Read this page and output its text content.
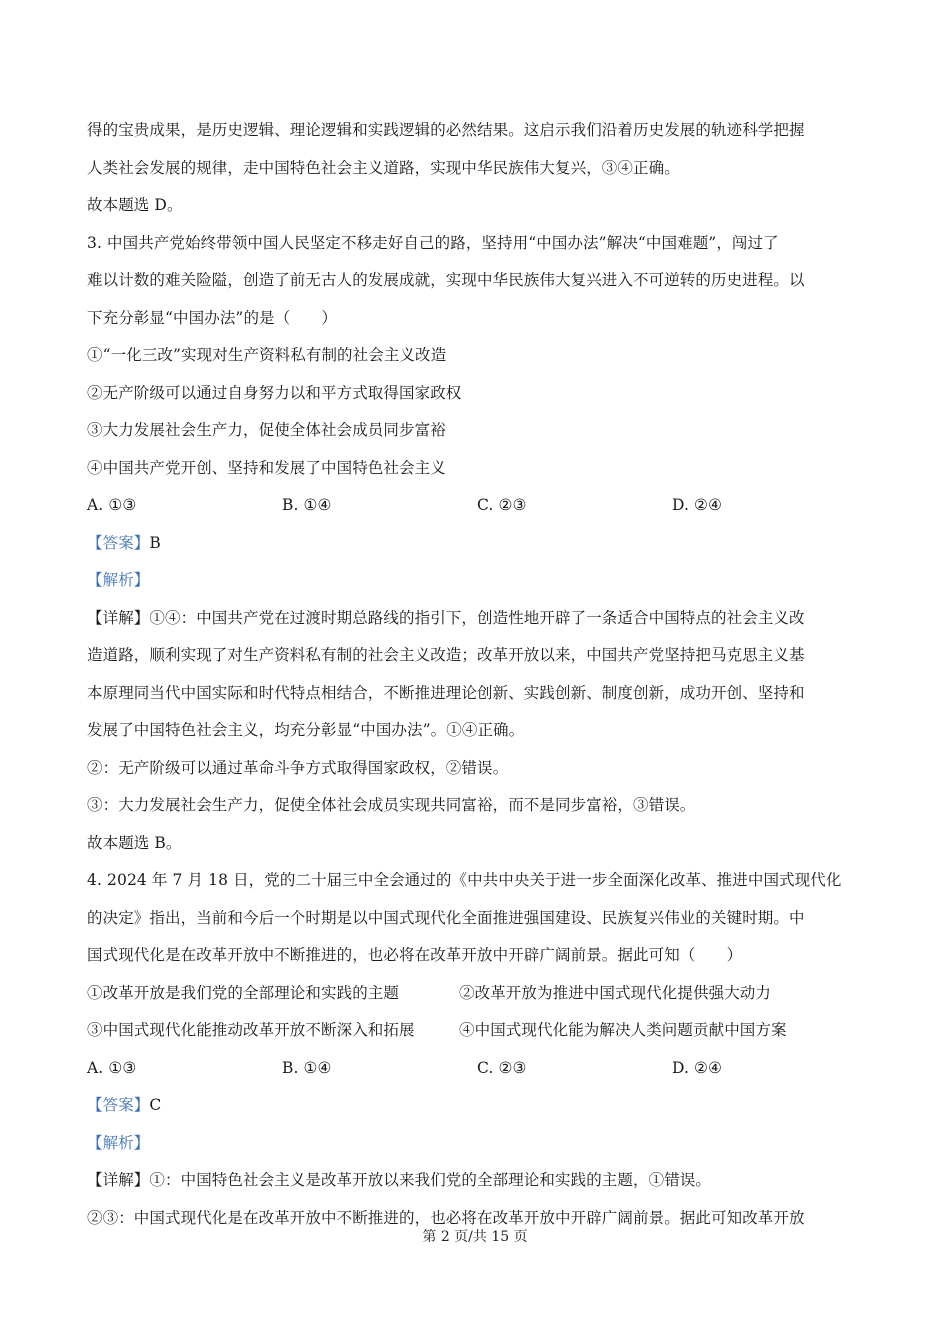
得的宝贵成果，是历史逻辑、理论逻辑和实践逻辑的必然结果。这启示我们沿着历史发展的轨迹科学把握
人类社会发展的规律，走中国特色社会主义道路，实现中华民族伟大复兴，③④正确。
故本题选 D。
3. 中国共产党始终带领中国人民坚定不移走好自己的路，坚持用“中国办法”解决“中国难题”，闯过了
难以计数的难关险隘，创造了前无古人的发展成就，实现中华民族伟大复兴进入不可逆转的历史进程。以
下充分彰显“中国办法”的是（　　）
①“一化三改”实现对生产资料私有制的社会主义改造
②无产阶级可以通过自身努力以和平方式取得国家政权
③大力发展社会生产力，促使全体社会成员同步富裕
④中国共产党开创、坚持和发展了中国特色社会主义
A. ①③	B. ①④	C. ②③	D. ②④
【答案】B
【解析】
【详解】①④：中国共产党在过渡时期总路线的指引下，创造性地开辟了一条适合中国特点的社会主义改
造道路，顺利实现了对生产资料私有制的社会主义改造；改革开放以来，中国共产党坚持把马克思主义基
本原理同当代中国实际和时代特点相结合，不断推进理论创新、实践创新、制度创新，成功开创、坚持和
发展了中国特色社会主义，均充分彰显“中国办法”。①④正确。
②：无产阶级可以通过革命斗争方式取得国家政权，②错误。
③：大力发展社会生产力，促使全体社会成员实现共同富裕，而不是同步富裕，③错误。
故本题选 B。
4. 2024 年 7 月 18 日，党的二十届三中全会通过的《中共中央关于进一步全面深化改革、推进中国式现代化
的决定》指出，当前和今后一个时期是以中国式现代化全面推进强国建设、民族复兴伟业的关键时期。中
国式现代化是在改革开放中不断推进的，也必将在改革开放中开辟广阔前景。据此可知（　　）
①改革开放是我们党的全部理论和实践的主题	②改革开放为推进中国式现代化提供强大动力
③中国式现代化能推动改革开放不断深入和拓展	④中国式现代化能为解决人类问题贡献中国方案
A. ①③	B. ①④	C. ②③	D. ②④
【答案】C
【解析】
【详解】①：中国特色社会主义是改革开放以来我们党的全部理论和实践的主题，①错误。
②③：中国式现代化是在改革开放中不断推进的，也必将在改革开放中开辟广阔前景。据此可知改革开放
第 2 页/共 15 页
